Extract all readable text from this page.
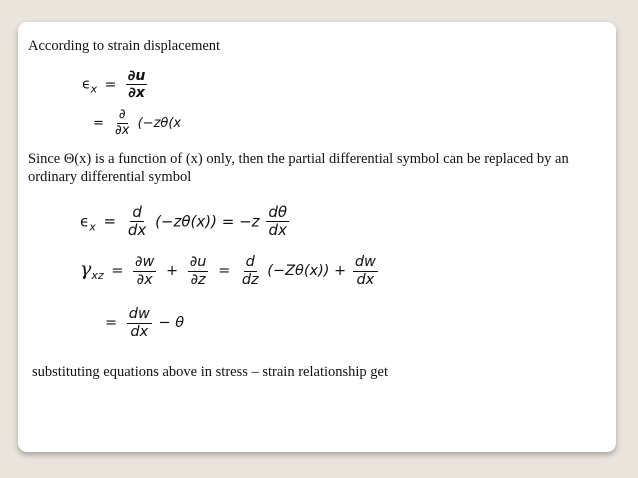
According to strain displacement
$\epsilon_x = \frac{\partial u}{\partial x}$
= $\frac{\partial}{\partial x} (-z\theta(x$
Since Θ(x) is a function of (x) only, then the partial differential symbol can be replaced by an ordinary differential symbol
$\epsilon_x = \frac{d}{dx} (-z\theta(x)) = -z \frac{d\theta}{dx}$
$\gamma_{xz} = \frac{\partial w}{\partial x} + \frac{\partial u}{\partial z} = \frac{d}{dz} (-Z\theta(x)) + \frac{dw}{dx}$
= $\frac{dw}{dx} - \theta$
substituting equations above in stress – strain relationship get
